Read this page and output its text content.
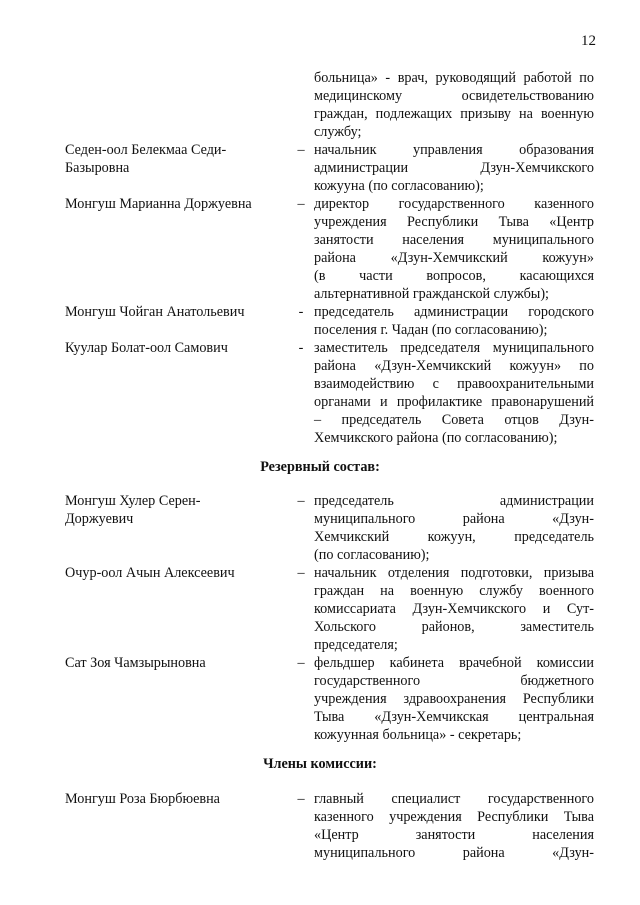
12
больница» - врач, руководящий работой по
медицинскому освидетельствованию
граждан, подлежащих призыву на военную
службу;
Седен-оол Белекмаа Седи-
Базыровна
– начальник управления образования
администрации Дзун-Хемчикского
кожууна (по согласованию);
Монгуш Марианна Доржуевна	– директор государственного казенного
учреждения Республики Тыва «Центр
занятости населения муниципального
района «Дзун-Хемчикский кожуун»
(в части вопросов, касающихся
альтернативной гражданской службы);
Монгуш Чойган Анатольевич	- председатель администрации городского
поселения г. Чадан (по согласованию);
Куулар Болат-оол Самович	- заместитель председателя муниципального
района «Дзун-Хемчикский кожуун» по
взаимодействию с правоохранительными
органами и профилактике правонарушений
– председатель Совета отцов Дзун-
Хемчикского района (по согласованию);
Резервный состав:
Монгуш Хулер Серен-
Доржуевич
– председатель администрации
муниципального района «Дзун-
Хемчикский кожуун, председатель
(по согласованию);
Очур-оол Ачын Алексеевич	– начальник отделения подготовки, призыва
граждан на военную службу военного
комиссариата Дзун-Хемчикского и Сут-
Хольского районов, заместитель
председателя;
Сат Зоя Чамзырыновна	– фельдшер кабинета врачебной комиссии
государственного бюджетного
учреждения здравоохранения Республики
Тыва «Дзун-Хемчикская центральная
кожуунная больница» - секретарь;
Члены комиссии:
Монгуш Роза Бюрбюевна	– главный специалист государственного
казенного учреждения Республики Тыва
«Центр занятости населения
муниципального района «Дзун-
